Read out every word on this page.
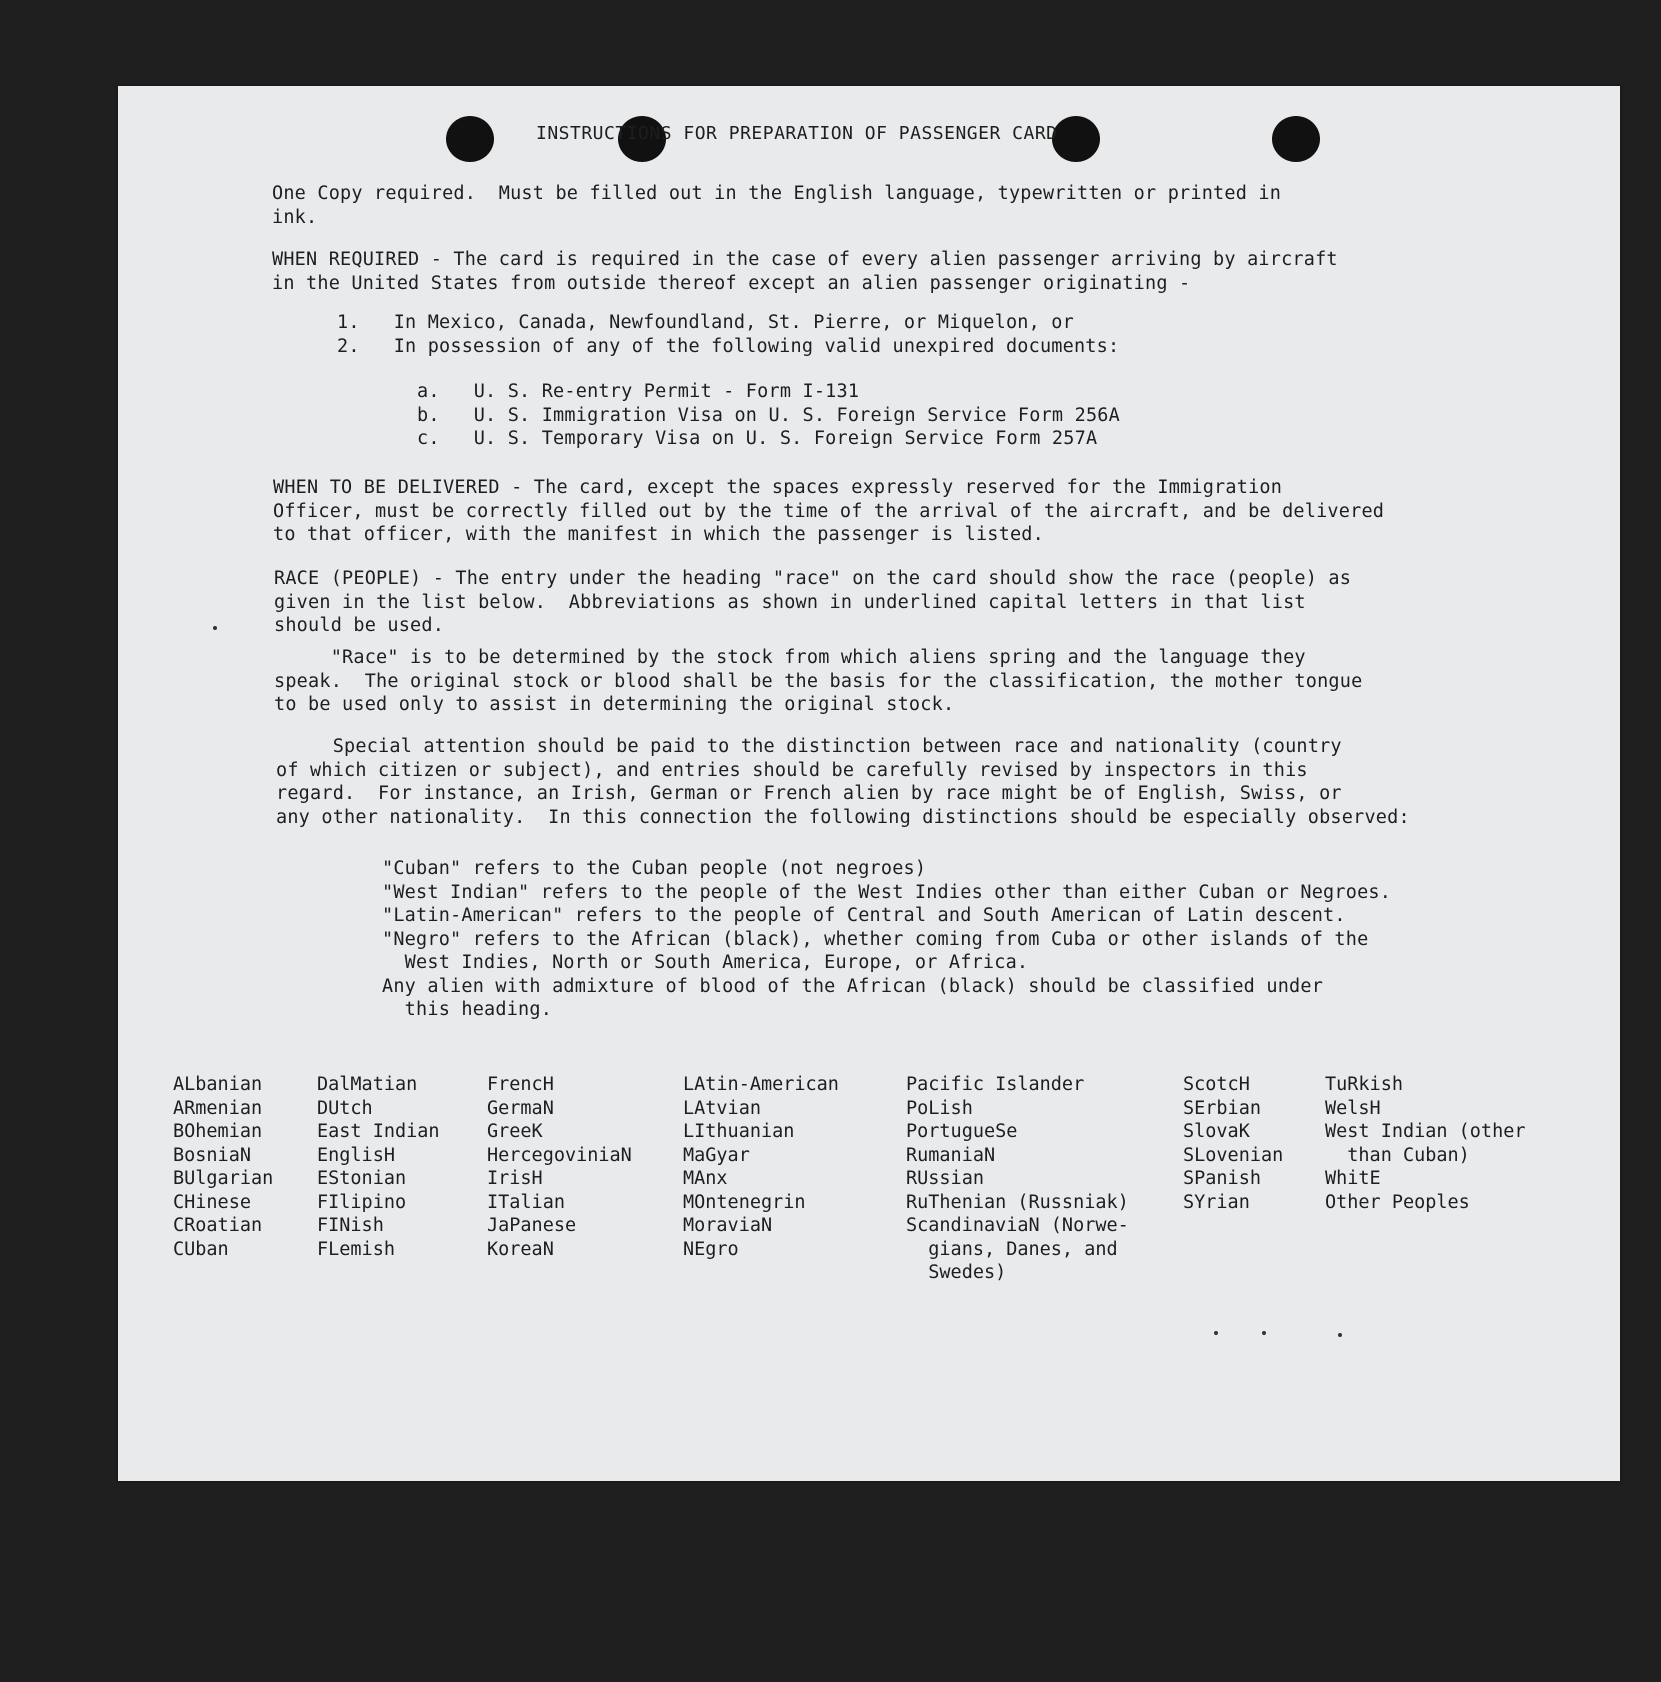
INSTRUCTIONS FOR PREPARATION OF PASSENGER CARD
One Copy required.  Must be filled out in the English language, typewritten or printed in
ink.
WHEN REQUIRED - The card is required in the case of every alien passenger arriving by aircraft
in the United States from outside thereof except an alien passenger originating -
1.   In Mexico, Canada, Newfoundland, St. Pierre, or Miquelon, or
2.   In possession of any of the following valid unexpired documents:
a.   U. S. Re-entry Permit - Form I-131
b.   U. S. Immigration Visa on U. S. Foreign Service Form 256A
c.   U. S. Temporary Visa on U. S. Foreign Service Form 257A
WHEN TO BE DELIVERED - The card, except the spaces expressly reserved for the Immigration
Officer, must be correctly filled out by the time of the arrival of the aircraft, and be delivered
to that officer, with the manifest in which the passenger is listed.
RACE (PEOPLE) - The entry under the heading "race" on the card should show the race (people) as
given in the list below.  Abbreviations as shown in underlined capital letters in that list
should be used.
"Race" is to be determined by the stock from which aliens spring and the language they
speak.  The original stock or blood shall be the basis for the classification, the mother tongue
to be used only to assist in determining the original stock.
Special attention should be paid to the distinction between race and nationality (country
of which citizen or subject), and entries should be carefully revised by inspectors in this
regard.  For instance, an Irish, German or French alien by race might be of English, Swiss, or
any other nationality.  In this connection the following distinctions should be especially observed:
"Cuban" refers to the Cuban people (not negroes)
"West Indian" refers to the people of the West Indies other than either Cuban or Negroes.
"Latin-American" refers to the people of Central and South American of Latin descent.
"Negro" refers to the African (black), whether coming from Cuba or other islands of the
West Indies, North or South America, Europe, or Africa.
Any alien with admixture of blood of the African (black) should be classified under
this heading.
ALbanian
ARmenian
BOhemian
BosniaN
BUlgarian
CHinese
CRoatian
CUban
DalMatian
DUtch
East Indian
EnglisH
EStonian
FIlipino
FINish
FLemish
FrencH
GermaN
GreeK
HercegoviniaN
IrisH
ITalian
JaPanese
KoreaN
LAtin-American
LAtvian
LIthuanian
MaGyar
MAnx
MOntenegrin
MoraviaN
NEgro
Pacific Islander
PoLish
PortugueSe
RumaniaN
RUssian
RuThenian (Russniak)
ScandinaviaN (Norwe-
gians, Danes, and
Swedes)
ScotcH
SErbian
SlovaK
SLovenian
SPanish
SYrian
TuRkish
WelsH
West Indian (other
than Cuban)
WhitE
Other Peoples
